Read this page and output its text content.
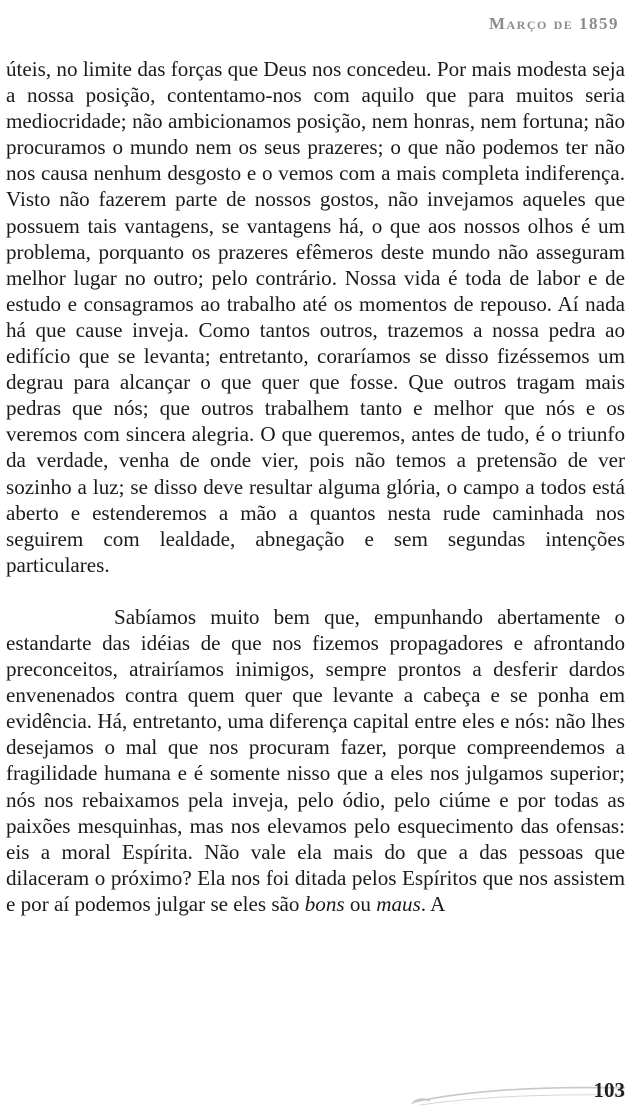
Março de 1859

úteis, no limite das forças que Deus nos concedeu. Por mais modesta seja a nossa posição, contentamo-nos com aquilo que para muitos seria mediocridade; não ambicionamos posição, nem honras, nem fortuna; não procuramos o mundo nem os seus prazeres; o que não podemos ter não nos causa nenhum desgosto e o vemos com a mais completa indiferença. Visto não fazerem parte de nossos gostos, não invejamos aqueles que possuem tais vantagens, se vantagens há, o que aos nossos olhos é um problema, porquanto os prazeres efêmeros deste mundo não asseguram melhor lugar no outro; pelo contrário. Nossa vida é toda de labor e de estudo e consagramos ao trabalho até os momentos de repouso. Aí nada há que cause inveja. Como tantos outros, trazemos a nossa pedra ao edifício que se levanta; entretanto, coraríamos se disso fizéssemos um degrau para alcançar o que quer que fosse. Que outros tragam mais pedras que nós; que outros trabalhem tanto e melhor que nós e os veremos com sincera alegria. O que queremos, antes de tudo, é o triunfo da verdade, venha de onde vier, pois não temos a pretensão de ver sozinho a luz; se disso deve resultar alguma glória, o campo a todos está aberto e estenderemos a mão a quantos nesta rude caminhada nos seguirem com lealdade, abnegação e sem segundas intenções particulares.

Sabíamos muito bem que, empunhando abertamente o estandarte das idéias de que nos fizemos propagadores e afrontando preconceitos, atrairíamos inimigos, sempre prontos a desferir dardos envenenados contra quem quer que levante a cabeça e se ponha em evidência. Há, entretanto, uma diferença capital entre eles e nós: não lhes desejamos o mal que nos procuram fazer, porque compreendemos a fragilidade humana e é somente nisso que a eles nos julgamos superior; nós nos rebaixamos pela inveja, pelo ódio, pelo ciúme e por todas as paixões mesquinhas, mas nos elevamos pelo esquecimento das ofensas: eis a moral Espírita. Não vale ela mais do que a das pessoas que dilaceram o próximo? Ela nos foi ditada pelos Espíritos que nos assistem e por aí podemos julgar se eles são bons ou maus. A

103
